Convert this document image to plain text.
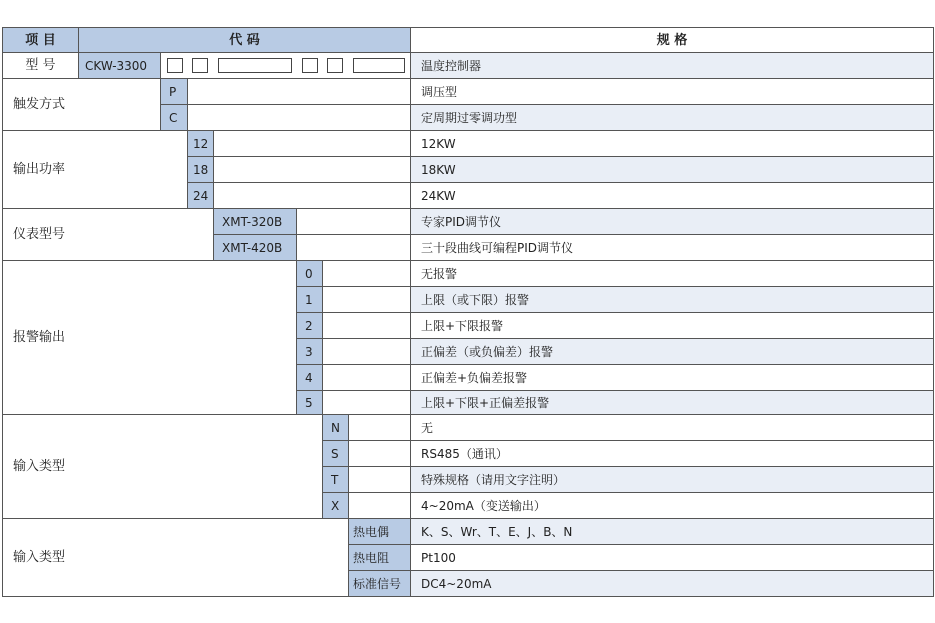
项 目	代 码	规 格
型 号	CKW-3300	温度控制器
触发方式
P	调压型
C	定周期过零调功型
输出功率
12	12KW
18	18KW
24	24KW
仪表型号
XMT-320B	专家PID调节仪
XMT-420B	三十段曲线可编程PID调节仪
报警输出
0	无报警
1	上限（或下限）报警
2	上限+下限报警
3	正偏差（或负偏差）报警
4	正偏差+负偏差报警
5	上限+下限+正偏差报警
输入类型
N	无
S	RS485（通讯）
T	特殊规格（请用文字注明）
X	4~20mA（变送输出）
输入类型
热电偶	K、S、Wr、T、E、J、B、N
热电阻	Pt100
标准信号	DC4~20mA
